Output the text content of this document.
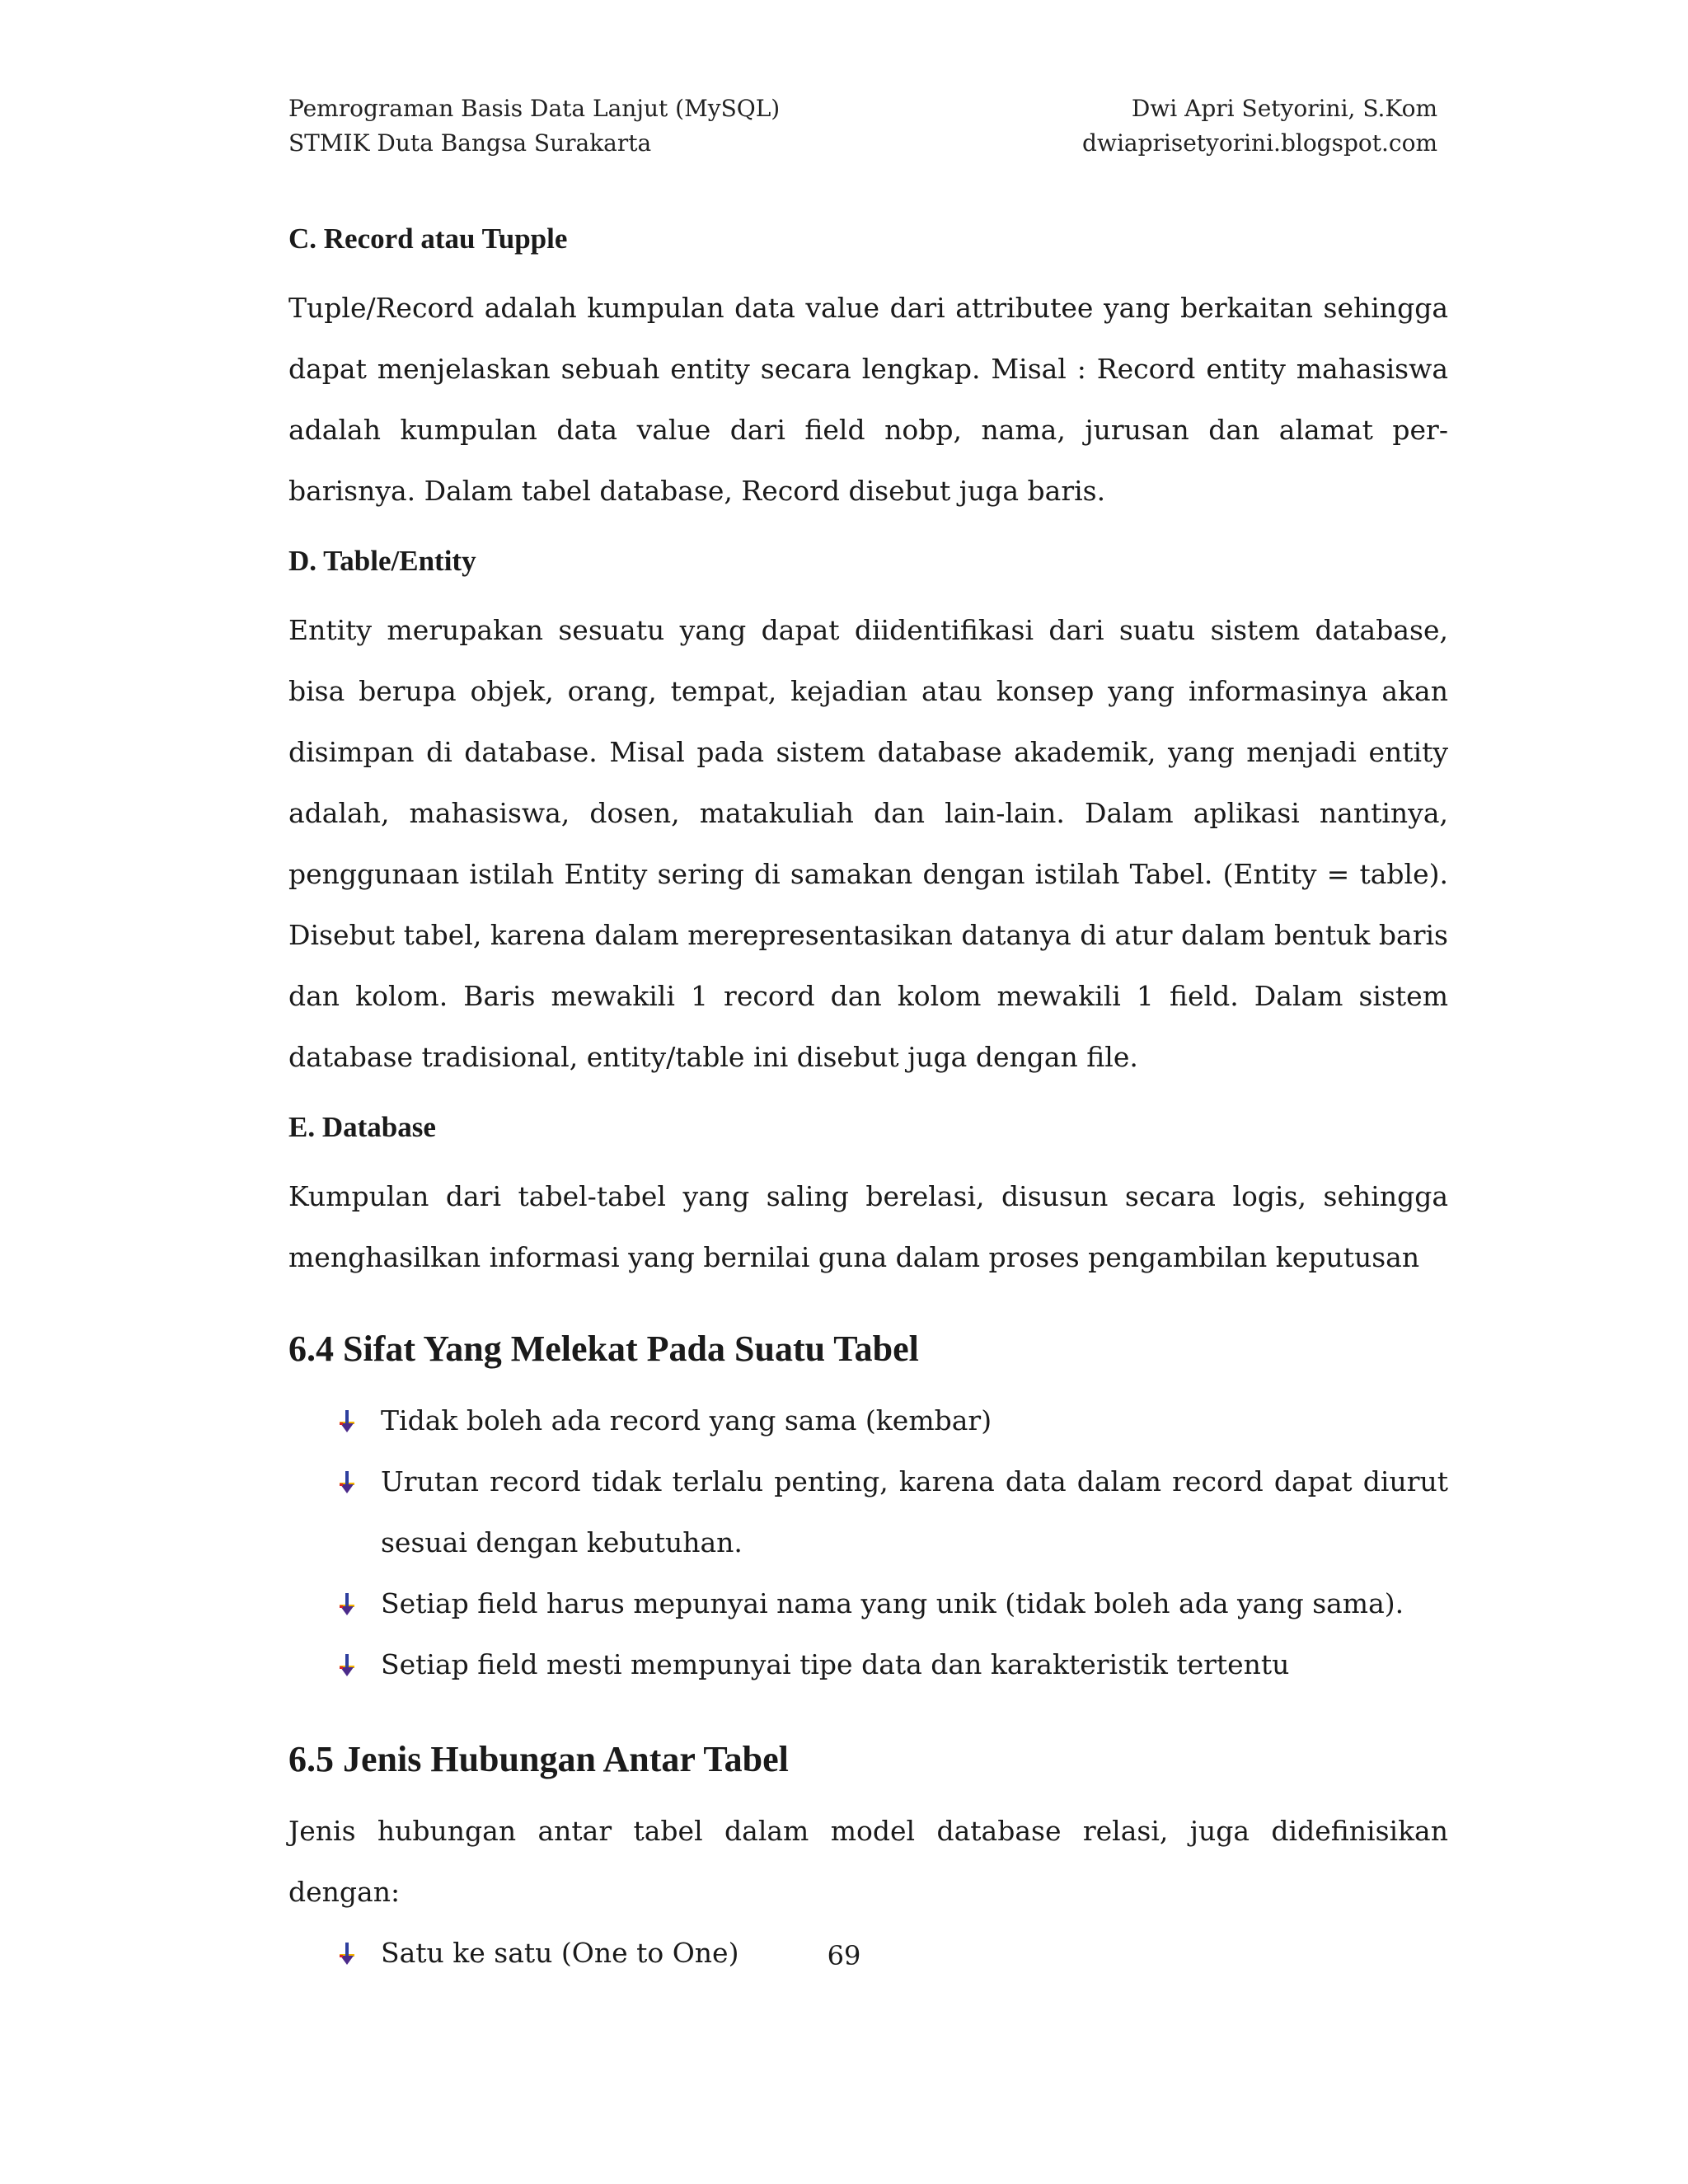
Pemrograman Basis Data Lanjut (MySQL)
STMIK Duta Bangsa Surakarta
Dwi Apri Setyorini, S.Kom
dwiaprisetyorini.blogspot.com
C. Record atau Tupple

Tuple/Record adalah kumpulan data value dari attributee yang berkaitan sehingga dapat menjelaskan sebuah entity secara lengkap. Misal : Record entity mahasiswa adalah kumpulan data value dari field nobp, nama, jurusan dan alamat per-barisnya. Dalam tabel database, Record disebut juga baris.

D. Table/Entity

Entity merupakan sesuatu yang dapat diidentifikasi dari suatu sistem database, bisa berupa objek, orang, tempat, kejadian atau konsep yang informasinya akan disimpan di database. Misal pada sistem database akademik, yang menjadi entity adalah, mahasiswa, dosen, matakuliah dan lain-lain. Dalam aplikasi nantinya, penggunaan istilah Entity sering di samakan dengan istilah Tabel. (Entity = table). Disebut tabel, karena dalam merepresentasikan datanya di atur dalam bentuk baris dan kolom. Baris mewakili 1 record dan kolom mewakili 1 field. Dalam sistem database tradisional, entity/table ini disebut juga dengan file.

E. Database

Kumpulan dari tabel-tabel yang saling berelasi, disusun secara logis, sehingga menghasilkan informasi yang bernilai guna dalam proses pengambilan keputusan

6.4 Sifat Yang Melekat Pada Suatu Tabel
Tidak boleh ada record yang sama (kembar)
Urutan record tidak terlalu penting, karena data dalam record dapat diurut sesuai dengan kebutuhan.
Setiap field harus mepunyai nama yang unik (tidak boleh ada yang sama).
Setiap field mesti mempunyai tipe data dan karakteristik tertentu
6.5 Jenis Hubungan Antar Tabel

Jenis hubungan antar tabel dalam model database relasi, juga didefinisikan dengan:

Satu ke satu (One to One)	69
